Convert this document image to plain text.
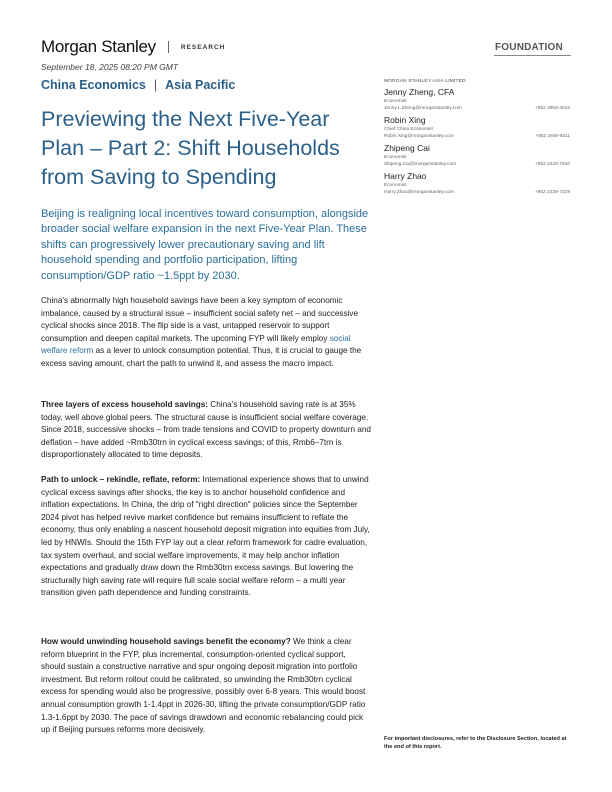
Morgan Stanley	RESEARCH	FOUNDATION
September 18, 2025 08:20 PM GMT
China Economics | Asia Pacific
Previewing the Next Five-Year Plan – Part 2: Shift Households from Saving to Spending

Beijing is realigning local incentives toward consumption, alongside broader social welfare expansion in the next Five-Year Plan. These shifts can progressively lower precautionary saving and lift household spending and portfolio participation, lifting consumption/GDP ratio ~1.5ppt by 2030.

China's abnormally high household savings have been a key symptom of economic imbalance, caused by a structural issue – insufficient social safety net – and successive cyclical shocks since 2018. The flip side is a vast, untapped reservoir to support consumption and deepen capital markets. The upcoming FYP will likely employ social welfare reform as a lever to unlock consumption potential. Thus, it is crucial to gauge the excess saving amount, chart the path to unwind it, and assess the macro impact.

Three layers of excess household savings: China's household saving rate is at 35% today, well above global peers. The structural cause is insufficient social welfare coverage. Since 2018, successive shocks – from trade tensions and COVID to property downturn and deflation – have added ~Rmb30trn in cyclical excess savings; of this, Rmb6–7trn is disproportionately allocated to time deposits.

Path to unlock – rekindle, reflate, reform: International experience shows that to unwind cyclical excess savings after shocks, the key is to anchor household confidence and inflation expectations. In China, the drip of "right direction" policies since the September 2024 pivot has helped revive market confidence but remains insufficient to reflate the economy, thus only enabling a nascent household deposit migration into equities from July, led by HNWIs. Should the 15th FYP lay out a clear reform framework for cadre evaluation, tax system overhaul, and social welfare improvements, it may help anchor inflation expectations and gradually draw down the Rmb30trn excess savings. But lowering the structurally high saving rate will require full scale social welfare reform – a multi year transition given path dependence and funding constraints.

How would unwinding household savings benefit the economy? We think a clear reform blueprint in the FYP, plus incremental, consumption-oriented cyclical support, should sustain a constructive narrative and spur ongoing deposit migration into portfolio investment. But reform rollout could be calibrated, so unwinding the Rmb30trn cyclical excess for spending would also be progressive, possibly over 6-8 years. This would boost annual consumption growth 1-1.4ppt in 2026-30, lifting the private consumption/GDP ratio 1.3-1.6ppt by 2030. The pace of savings drawdown and economic rebalancing could pick up if Beijing pursues reforms more decisively.

MORGAN STANLEY ASIA LIMITED
Jenny Zheng, CFA
Economist
Jenny.L.Zheng@morganstanley.com	+852 3963-4015
Robin Xing
Chief China Economist
Robin.Xing@morganstanley.com	+852 2848-6511
Zhipeng Cai
Economist
Zhipeng.Cai@morganstanley.com	+852 2239-7820
Harry Zhao
Economist
Harry.Zhao@morganstanley.com	+852 2239-7229
For important disclosures, refer to the Disclosure Section, located at the end of this report.
